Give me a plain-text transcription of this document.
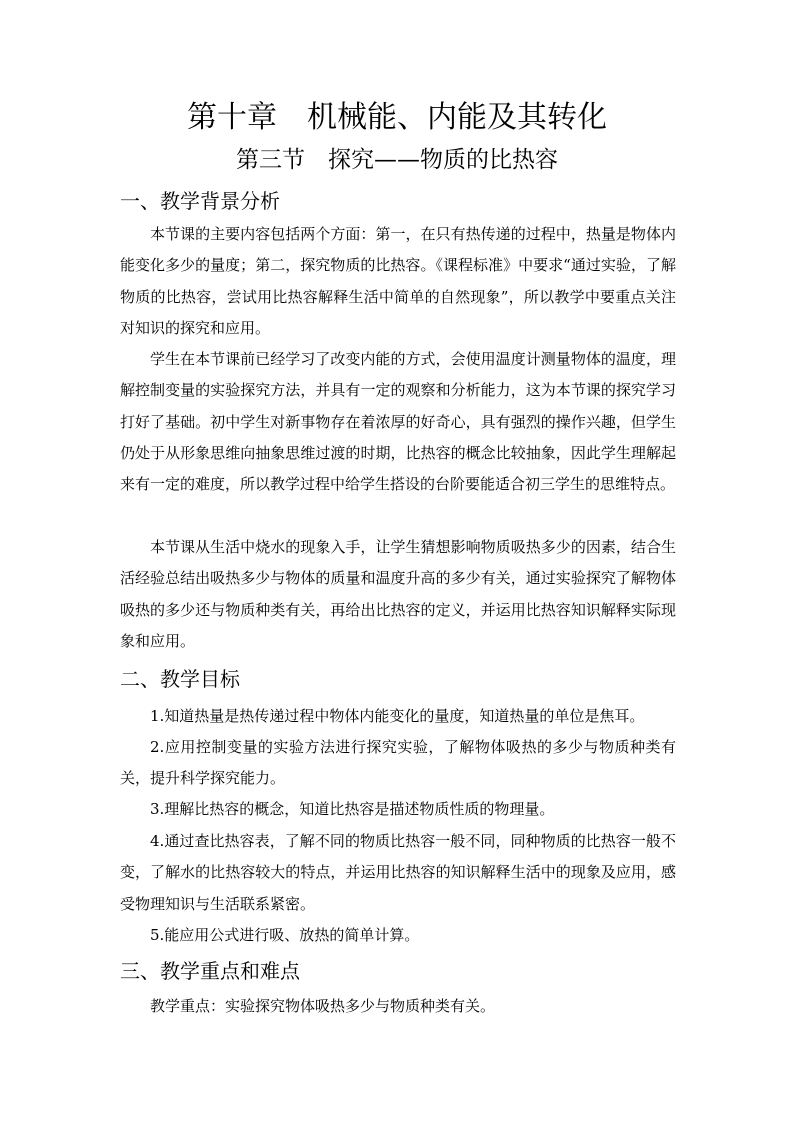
第十章　机械能、内能及其转化
第三节　探究——物质的比热容
一、教学背景分析

本节课的主要内容包括两个方面：第一，在只有热传递的过程中，热量是物体内能变化多少的量度；第二，探究物质的比热容。《课程标准》中要求“通过实验，了解物质的比热容，尝试用比热容解释生活中简单的自然现象”，所以教学中要重点关注对知识的探究和应用。

学生在本节课前已经学习了改变内能的方式，会使用温度计测量物体的温度，理解控制变量的实验探究方法，并具有一定的观察和分析能力，这为本节课的探究学习打好了基础。初中学生对新事物存在着浓厚的好奇心，具有强烈的操作兴趣，但学生仍处于从形象思维向抽象思维过渡的时期，比热容的概念比较抽象，因此学生理解起来有一定的难度，所以教学过程中给学生搭设的台阶要能适合初三学生的思维特点。

本节课从生活中烧水的现象入手，让学生猜想影响物质吸热多少的因素，结合生活经验总结出吸热多少与物体的质量和温度升高的多少有关，通过实验探究了解物体吸热的多少还与物质种类有关，再给出比热容的定义，并运用比热容知识解释实际现象和应用。

二、教学目标

1.知道热量是热传递过程中物体内能变化的量度，知道热量的单位是焦耳。

2.应用控制变量的实验方法进行探究实验，了解物体吸热的多少与物质种类有关，提升科学探究能力。

3.理解比热容的概念，知道比热容是描述物质性质的物理量。

4.通过查比热容表，了解不同的物质比热容一般不同，同种物质的比热容一般不变，了解水的比热容较大的特点，并运用比热容的知识解释生活中的现象及应用，感受物理知识与生活联系紧密。

5.能应用公式进行吸、放热的简单计算。

三、教学重点和难点

教学重点：实验探究物体吸热多少与物质种类有关。
